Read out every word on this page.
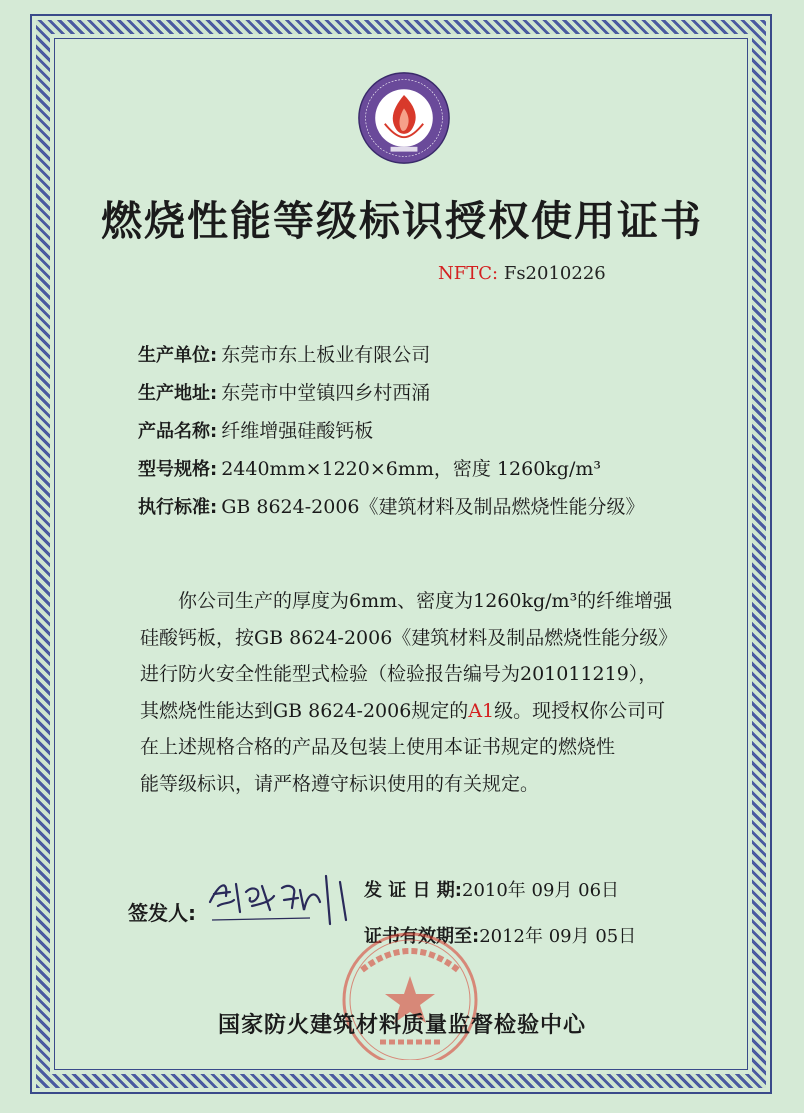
燃烧性能等级标识授权使用证书
NFTC: Fs2010226
生产单位: 东莞市东上板业有限公司
生产地址: 东莞市中堂镇四乡村西涌
产品名称: 纤维增强硅酸钙板
型号规格: 2440mm×1220×6mm，密度 1260kg/m³
执行标准: GB 8624-2006《建筑材料及制品燃烧性能分级》

你公司生产的厚度为6mm、密度为1260kg/m³的纤维增强

硅酸钙板，按GB 8624-2006《建筑材料及制品燃烧性能分级》

进行防火安全性能型式检验（检验报告编号为201011219），

其燃烧性能达到GB 8624-2006规定的A1级。现授权你公司可

在上述规格合格的产品及包装上使用本证书规定的燃烧性

能等级标识，请严格遵守标识使用的有关规定。

签发人:
发 证 日 期:2010年 09月 06日
证书有效期至:2012年 09月 05日
国家防火建筑材料质量监督检验中心
